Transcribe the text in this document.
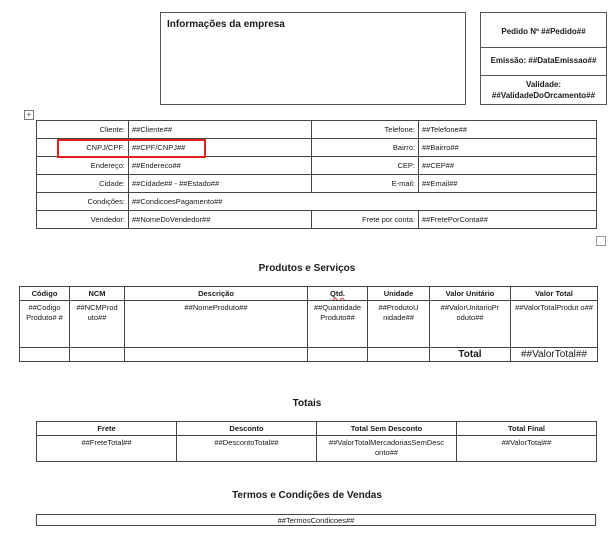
Informações da empresa
Pedido Nº ##Pedido##
Emissão: ##DataEmissao##
Validade:
##ValidadeDoOrcamento##
+
Cliente:	##Cliente##	Telefone:	##Telefone##
CNPJ/CPF:	##CPF/CNPJ##	Bairro:	##Bairro##
Endereço:	##Endereco##	CEP:	##CEP##
Cidade:	##Cidade## - ##Estado##	E-mail:	##Email##
Condições:	##CondicoesPagamento##		
Vendedor:	##NomeDoVendedor##	Frete por conta:	##FretePorConta##
Produtos e Serviços
Código	NCM	Descrição	Qtd.	Unidade	Valor Unitário	Valor Total
##Codigo Produto# #	##NCMProd uto##	##NomeProduto##	##Quantidade Produto##	##ProdutoU nidade##	##ValorUnitarioPr oduto##	##ValorTotalProdut o##
					Total	##ValorTotal##
Totais
Frete	Desconto	Total Sem Desconto	Total Final
##FreteTotal##	##DescontoTotal##	##ValorTotalMercadoriasSemDesc onto##	##ValorTotal##
Termos e Condições de Vendas
##TermosCondicoes##
